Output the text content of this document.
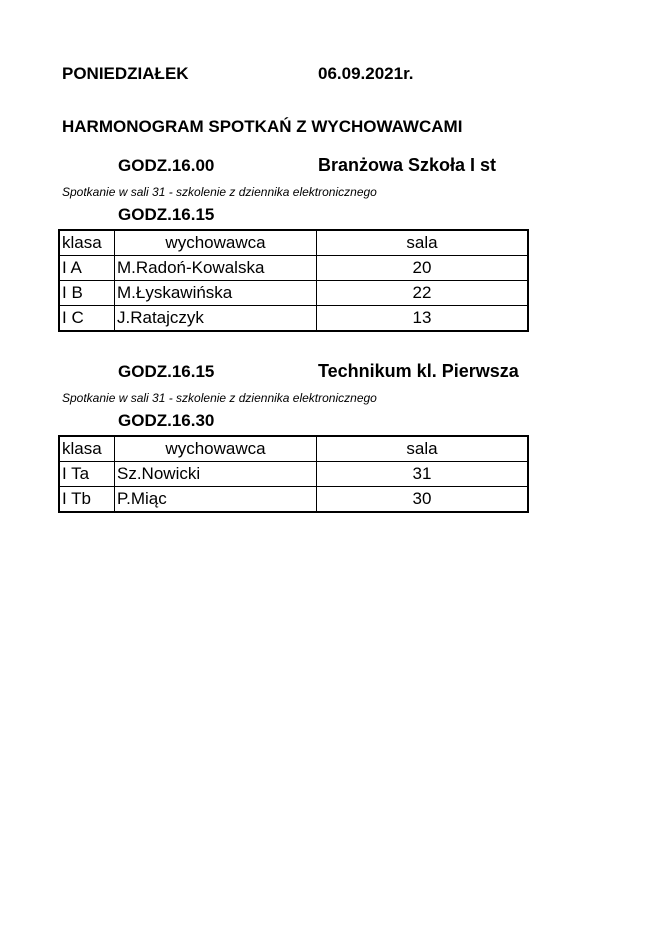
PONIEDZIAŁEK	06.09.2021r.
HARMONOGRAM SPOTKAŃ Z WYCHOWAWCAMI
GODZ.16.00	Branżowa Szkoła I st
Spotkanie w sali 31 - szkolenie z dziennika elektronicznego
GODZ.16.15
klasa	wychowawca	sala
I A	M.Radoń-Kowalska	20
I B	M.Łyskawińska	22
I C	J.Ratajczyk	13
GODZ.16.15	Technikum kl. Pierwsza
Spotkanie w sali 31 - szkolenie z dziennika elektronicznego
GODZ.16.30
klasa	wychowawca	sala
I Ta	Sz.Nowicki	31
I Tb	P.Miąc	30
